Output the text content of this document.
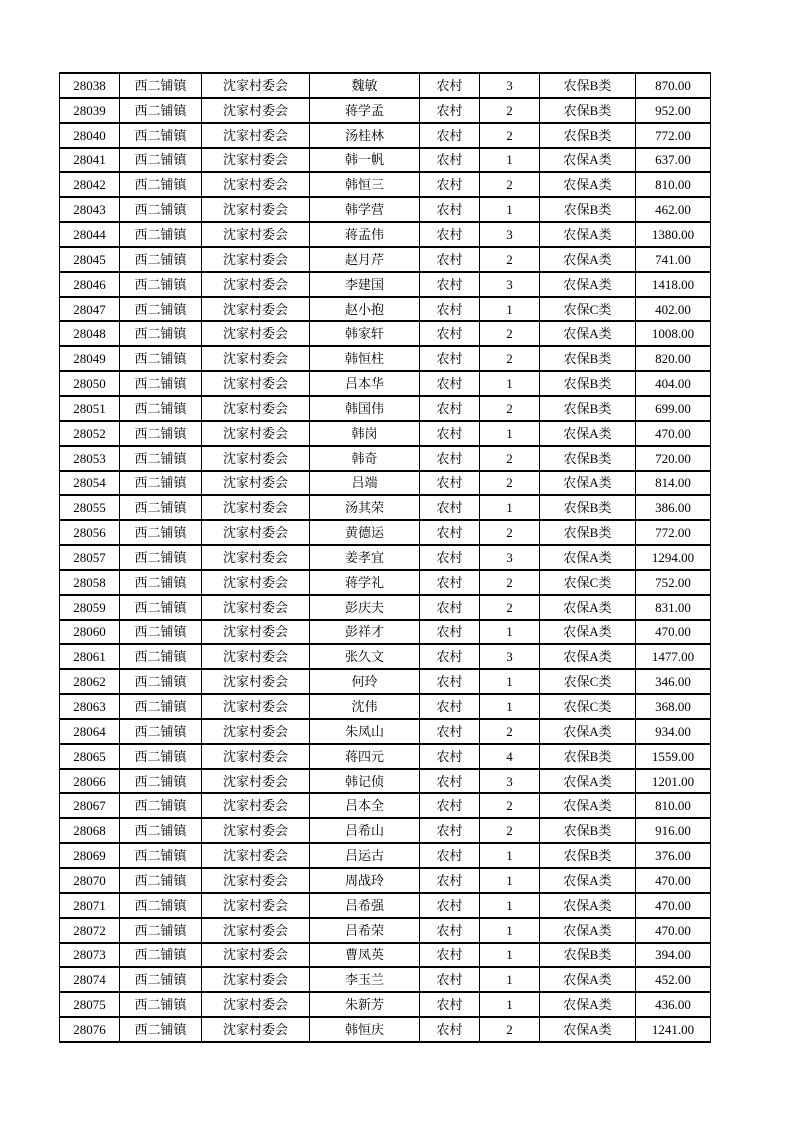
28038	西二铺镇	沈家村委会	魏敏	农村	3	农保B类	870.00
28039	西二铺镇	沈家村委会	蒋学孟	农村	2	农保B类	952.00
28040	西二铺镇	沈家村委会	汤桂林	农村	2	农保B类	772.00
28041	西二铺镇	沈家村委会	韩一帆	农村	1	农保A类	637.00
28042	西二铺镇	沈家村委会	韩恒三	农村	2	农保A类	810.00
28043	西二铺镇	沈家村委会	韩学营	农村	1	农保B类	462.00
28044	西二铺镇	沈家村委会	蒋孟伟	农村	3	农保A类	1380.00
28045	西二铺镇	沈家村委会	赵月芹	农村	2	农保A类	741.00
28046	西二铺镇	沈家村委会	李建国	农村	3	农保A类	1418.00
28047	西二铺镇	沈家村委会	赵小抱	农村	1	农保C类	402.00
28048	西二铺镇	沈家村委会	韩家轩	农村	2	农保A类	1008.00
28049	西二铺镇	沈家村委会	韩恒柱	农村	2	农保B类	820.00
28050	西二铺镇	沈家村委会	吕本华	农村	1	农保B类	404.00
28051	西二铺镇	沈家村委会	韩国伟	农村	2	农保B类	699.00
28052	西二铺镇	沈家村委会	韩岗	农村	1	农保A类	470.00
28053	西二铺镇	沈家村委会	韩奇	农村	2	农保B类	720.00
28054	西二铺镇	沈家村委会	吕端	农村	2	农保A类	814.00
28055	西二铺镇	沈家村委会	汤其荣	农村	1	农保B类	386.00
28056	西二铺镇	沈家村委会	黄德运	农村	2	农保B类	772.00
28057	西二铺镇	沈家村委会	姜孝宜	农村	3	农保A类	1294.00
28058	西二铺镇	沈家村委会	蒋学礼	农村	2	农保C类	752.00
28059	西二铺镇	沈家村委会	彭庆夫	农村	2	农保A类	831.00
28060	西二铺镇	沈家村委会	彭祥才	农村	1	农保A类	470.00
28061	西二铺镇	沈家村委会	张久文	农村	3	农保A类	1477.00
28062	西二铺镇	沈家村委会	何玲	农村	1	农保C类	346.00
28063	西二铺镇	沈家村委会	沈伟	农村	1	农保C类	368.00
28064	西二铺镇	沈家村委会	朱凤山	农村	2	农保A类	934.00
28065	西二铺镇	沈家村委会	蒋四元	农村	4	农保B类	1559.00
28066	西二铺镇	沈家村委会	韩记侦	农村	3	农保A类	1201.00
28067	西二铺镇	沈家村委会	吕本全	农村	2	农保A类	810.00
28068	西二铺镇	沈家村委会	吕希山	农村	2	农保B类	916.00
28069	西二铺镇	沈家村委会	吕运古	农村	1	农保B类	376.00
28070	西二铺镇	沈家村委会	周战玲	农村	1	农保A类	470.00
28071	西二铺镇	沈家村委会	吕希强	农村	1	农保A类	470.00
28072	西二铺镇	沈家村委会	吕希荣	农村	1	农保A类	470.00
28073	西二铺镇	沈家村委会	曹凤英	农村	1	农保B类	394.00
28074	西二铺镇	沈家村委会	李玉兰	农村	1	农保A类	452.00
28075	西二铺镇	沈家村委会	朱新芳	农村	1	农保A类	436.00
28076	西二铺镇	沈家村委会	韩恒庆	农村	2	农保A类	1241.00
